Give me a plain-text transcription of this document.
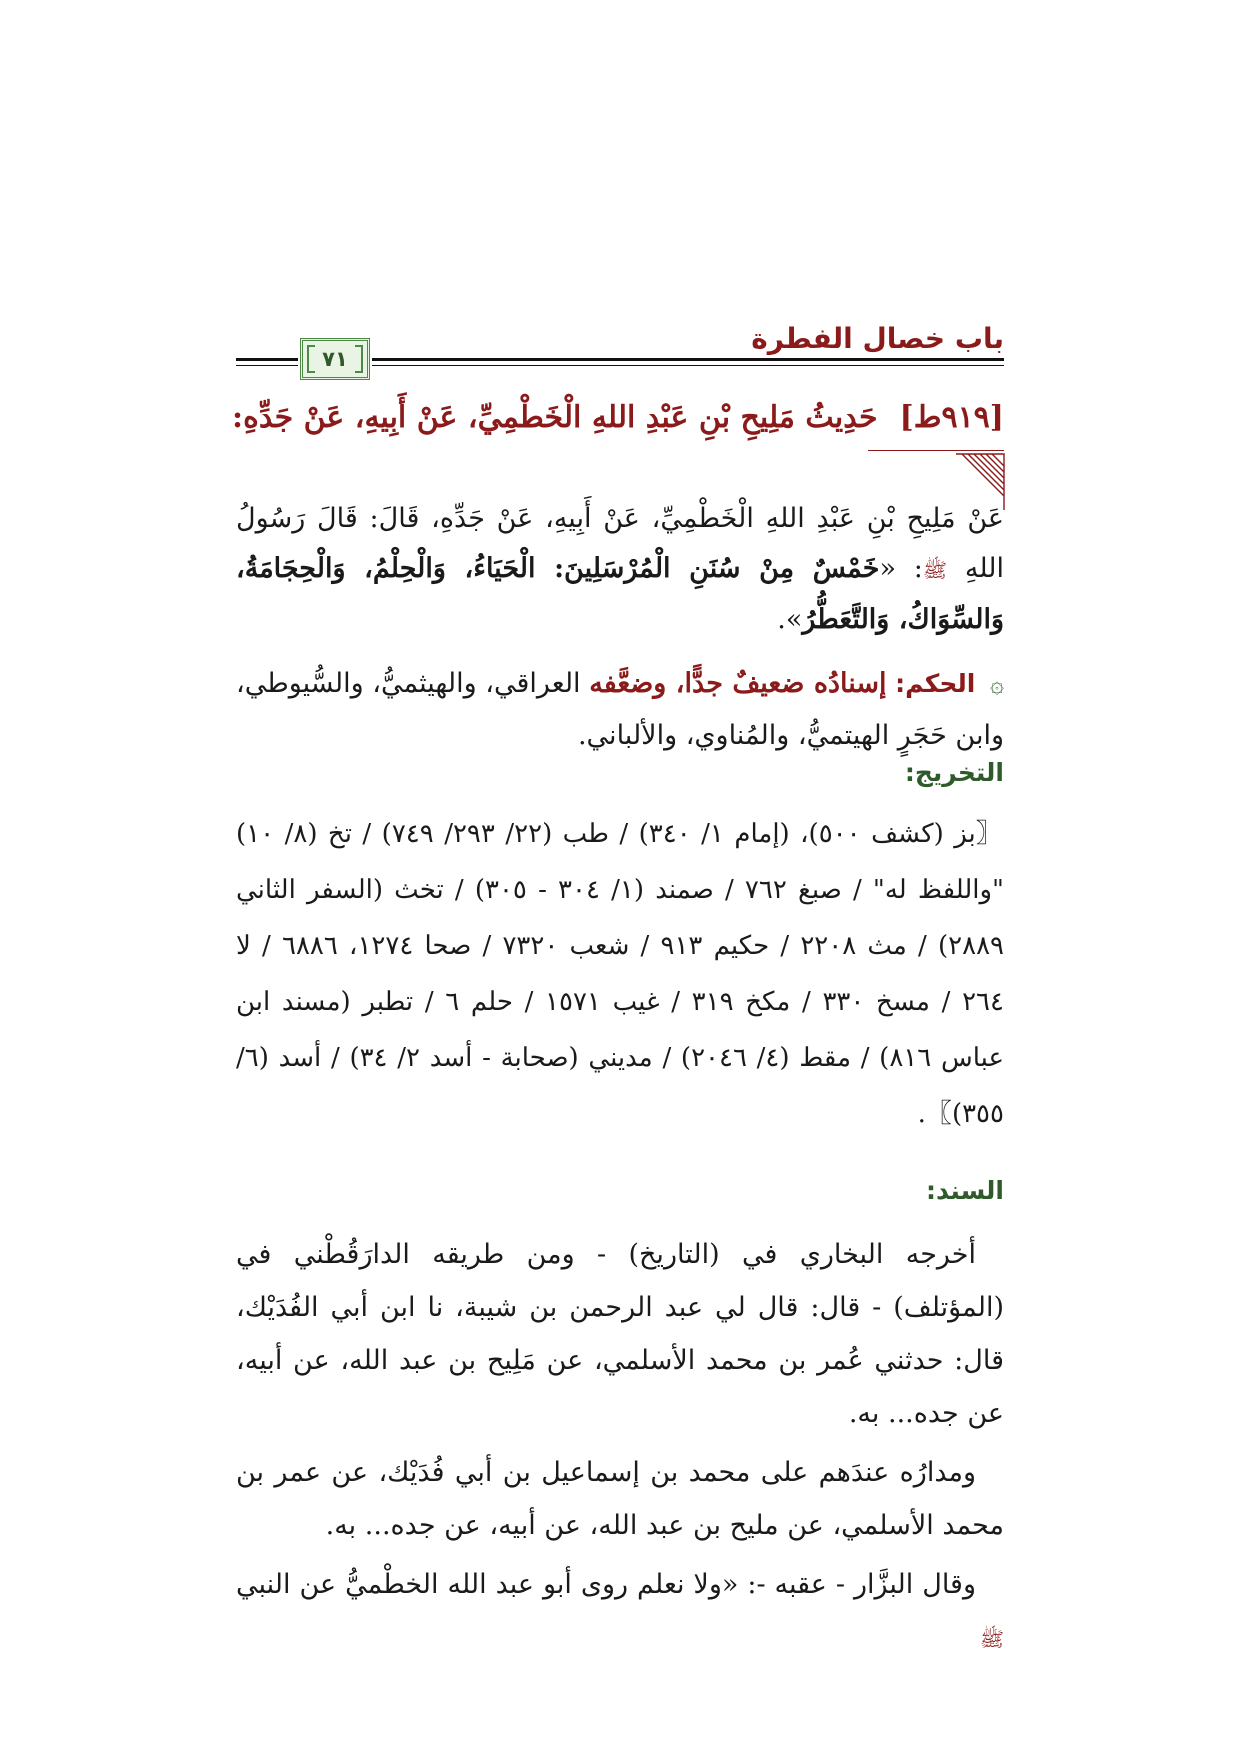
باب خصال الفطرة
٧١
[٩١٩ط]حَدِيثُ مَلِيحِ بْنِ عَبْدِ اللهِ الْخَطْمِيِّ، عَنْ أَبِيهِ، عَنْ جَدِّهِ:
عَنْ مَلِيحِ بْنِ عَبْدِ اللهِ الْخَطْمِيِّ، عَنْ أَبِيهِ، عَنْ جَدِّهِ، قَالَ: قَالَ رَسُولُ اللهِ ﷺ: «خَمْسٌ مِنْ سُنَنِ الْمُرْسَلِينَ: الْحَيَاءُ، وَالْحِلْمُ، وَالْحِجَامَةُ، وَالسِّوَاكُ، وَالتَّعَطُّرُ».
۞ الحكم: إسنادُه ضعيفٌ جدًّا، وضعَّفه العراقي، والهيثميُّ، والسُّيوطي، وابن حَجَرٍ الهيتميُّ، والمُناوي، والألباني.
التخريج:
〖بز (كشف ٥٠٠)، (إمام ١/ ٣٤٠) / طب (٢٢/ ٢٩٣/ ٧٤٩) / تخ (٨/ ١٠) "واللفظ له" / صبغ ٧٦٢ / صمند (١/ ٣٠٤ - ٣٠٥) / تخث (السفر الثاني ٢٨٨٩) / مث ٢٢٠٨ / حكيم ٩١٣ / شعب ٧٣٢٠ / صحا ١٢٧٤، ٦٨٨٦ / لا ٢٦٤ / مسخ ٣٣٠ / مكخ ٣١٩ / غيب ١٥٧١ / حلم ٦ / تطبر (مسند ابن عباس ٨١٦) / مقط (٤/ ٢٠٤٦) / مديني (صحابة - أسد ٢/ ٣٤) / أسد (٦/ ٣٥٥)〗.
السند:

أخرجه البخاري في (التاريخ) - ومن طريقه الدارَقُطْني في (المؤتلف) - قال: قال لي عبد الرحمن بن شيبة، نا ابن أبي الفُدَيْك، قال: حدثني عُمر بن محمد الأسلمي، عن مَلِيح بن عبد الله، عن أبيه، عن جده... به.

ومدارُه عندَهم على محمد بن إسماعيل بن أبي فُدَيْك، عن عمر بن محمد الأسلمي، عن مليح بن عبد الله، عن أبيه، عن جده... به.

وقال البزَّار - عقبه -: «ولا نعلم روى أبو عبد الله الخطْميُّ عن النبي ﷺ
